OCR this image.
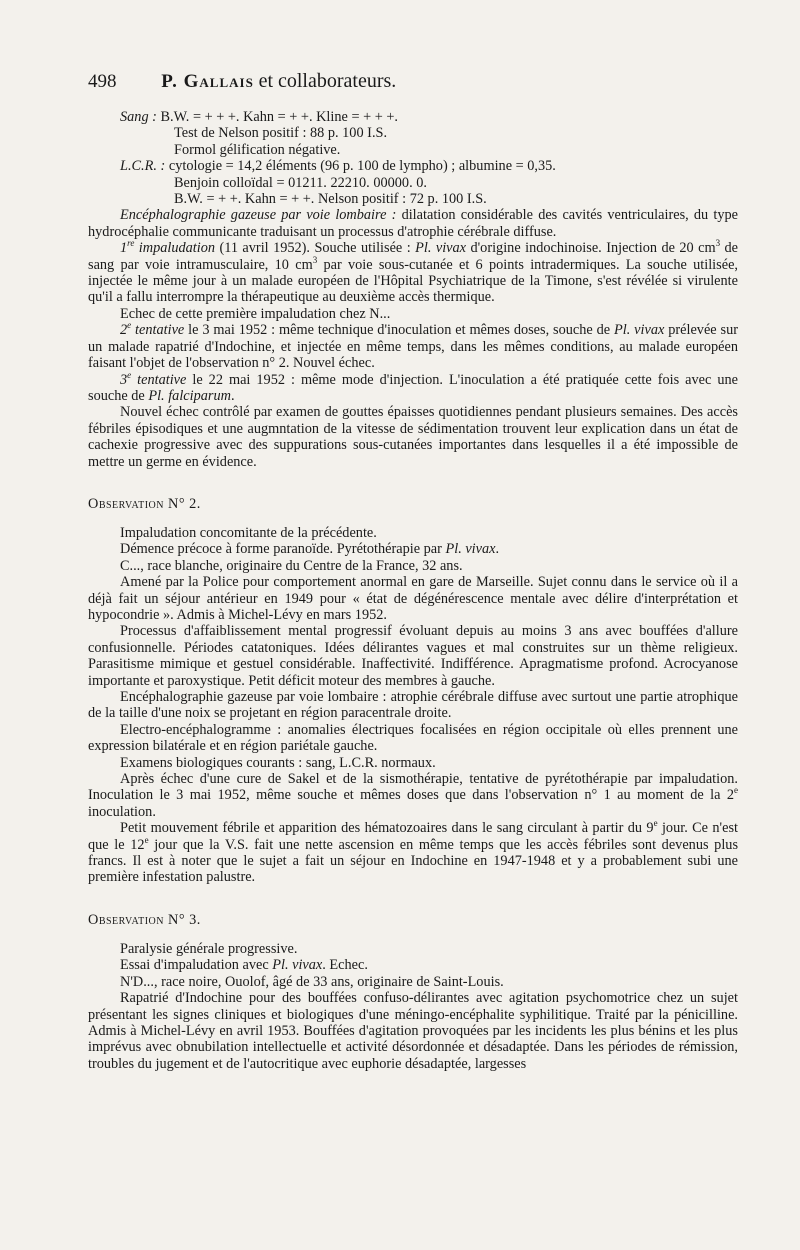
498 P. Gallais et collaborateurs.

Sang : B.W. = + + +. Kahn = + +. Kline = + + +.

Test de Nelson positif : 88 p. 100 I.S.

Formol gélification négative.

L.C.R. : cytologie = 14,2 éléments (96 p. 100 de lympho) ; albumine = 0,35.

Benjoin colloïdal = 01211. 22210. 00000. 0.

B.W. = + +. Kahn = + +. Nelson positif : 72 p. 100 I.S.

Encéphalographie gazeuse par voie lombaire : dilatation considérable des cavités ventriculaires, du type hydrocéphalie communicante traduisant un processus d'atrophie cérébrale diffuse.

1re impaludation (11 avril 1952). Souche utilisée : Pl. vivax d'origine indochinoise. Injection de 20 $cm^3$ de sang par voie intramusculaire, 10 $cm^3$ par voie sous-cutanée et 6 points intradermiques. La souche utilisée, injectée le même jour à un malade européen de l'Hôpital Psychiatrique de la Timone, s'est révélée si virulente qu'il a fallu interrompre la thérapeutique au deuxième accès thermique.

Echec de cette première impaludation chez N...

2e tentative le 3 mai 1952 : même technique d'inoculation et mêmes doses, souche de Pl. vivax prélevée sur un malade rapatrié d'Indochine, et injectée en même temps, dans les mêmes conditions, au malade européen faisant l'objet de l'observation n° 2. Nouvel échec.

3e tentative le 22 mai 1952 : même mode d'injection. L'inoculation a été pratiquée cette fois avec une souche de Pl. falciparum.

Nouvel échec contrôlé par examen de gouttes épaisses quotidiennes pendant plusieurs semaines. Des accès fébriles épisodiques et une augmntation de la vitesse de sédimentation trouvent leur explication dans un état de cachexie progressive avec des suppurations sous-cutanées importantes dans lesquelles il a été impossible de mettre un germe en évidence.

Observation N° 2.

Impaludation concomitante de la précédente.

Démence précoce à forme paranoïde. Pyrétothérapie par Pl. vivax.

C..., race blanche, originaire du Centre de la France, 32 ans.

Amené par la Police pour comportement anormal en gare de Marseille. Sujet connu dans le service où il a déjà fait un séjour antérieur en 1949 pour « état de dégénérescence mentale avec délire d'interprétation et hypocondrie ». Admis à Michel-Lévy en mars 1952.

Processus d'affaiblissement mental progressif évoluant depuis au moins 3 ans avec bouffées d'allure confusionnelle. Périodes catatoniques. Idées délirantes vagues et mal construites sur un thème religieux. Parasitisme mimique et gestuel considérable. Inaffectivité. Indifférence. Apragmatisme profond. Acrocyanose importante et paroxystique. Petit déficit moteur des membres à gauche.

Encéphalographie gazeuse par voie lombaire : atrophie cérébrale diffuse avec surtout une partie atrophique de la taille d'une noix se projetant en région paracentrale droite.

Electro-encéphalogramme : anomalies électriques focalisées en région occipitale où elles prennent une expression bilatérale et en région pariétale gauche.

Examens biologiques courants : sang, L.C.R. normaux.

Après échec d'une cure de Sakel et de la sismothérapie, tentative de pyrétothérapie par impaludation. Inoculation le 3 mai 1952, même souche et mêmes doses que dans l'observation n° 1 au moment de la 2e inoculation.

Petit mouvement fébrile et apparition des hématozoaires dans le sang circulant à partir du 9e jour. Ce n'est que le 12e jour que la V.S. fait une nette ascension en même temps que les accès fébriles sont devenus plus francs. Il est à noter que le sujet a fait un séjour en Indochine en 1947-1948 et y a probablement subi une première infestation palustre.

Observation N° 3.

Paralysie générale progressive.

Essai d'impaludation avec Pl. vivax. Echec.

N'D..., race noire, Ouolof, âgé de 33 ans, originaire de Saint-Louis.

Rapatrié d'Indochine pour des bouffées confuso-délirantes avec agitation psychomotrice chez un sujet présentant les signes cliniques et biologiques d'une méningo-encéphalite syphilitique. Traité par la pénicilline. Admis à Michel-Lévy en avril 1953. Bouffées d'agitation provoquées par les incidents les plus bénins et les plus imprévus avec obnubilation intellectuelle et activité désordonnée et désadaptée. Dans les périodes de rémission, troubles du jugement et de l'autocritique avec euphorie désadaptée, largesses
